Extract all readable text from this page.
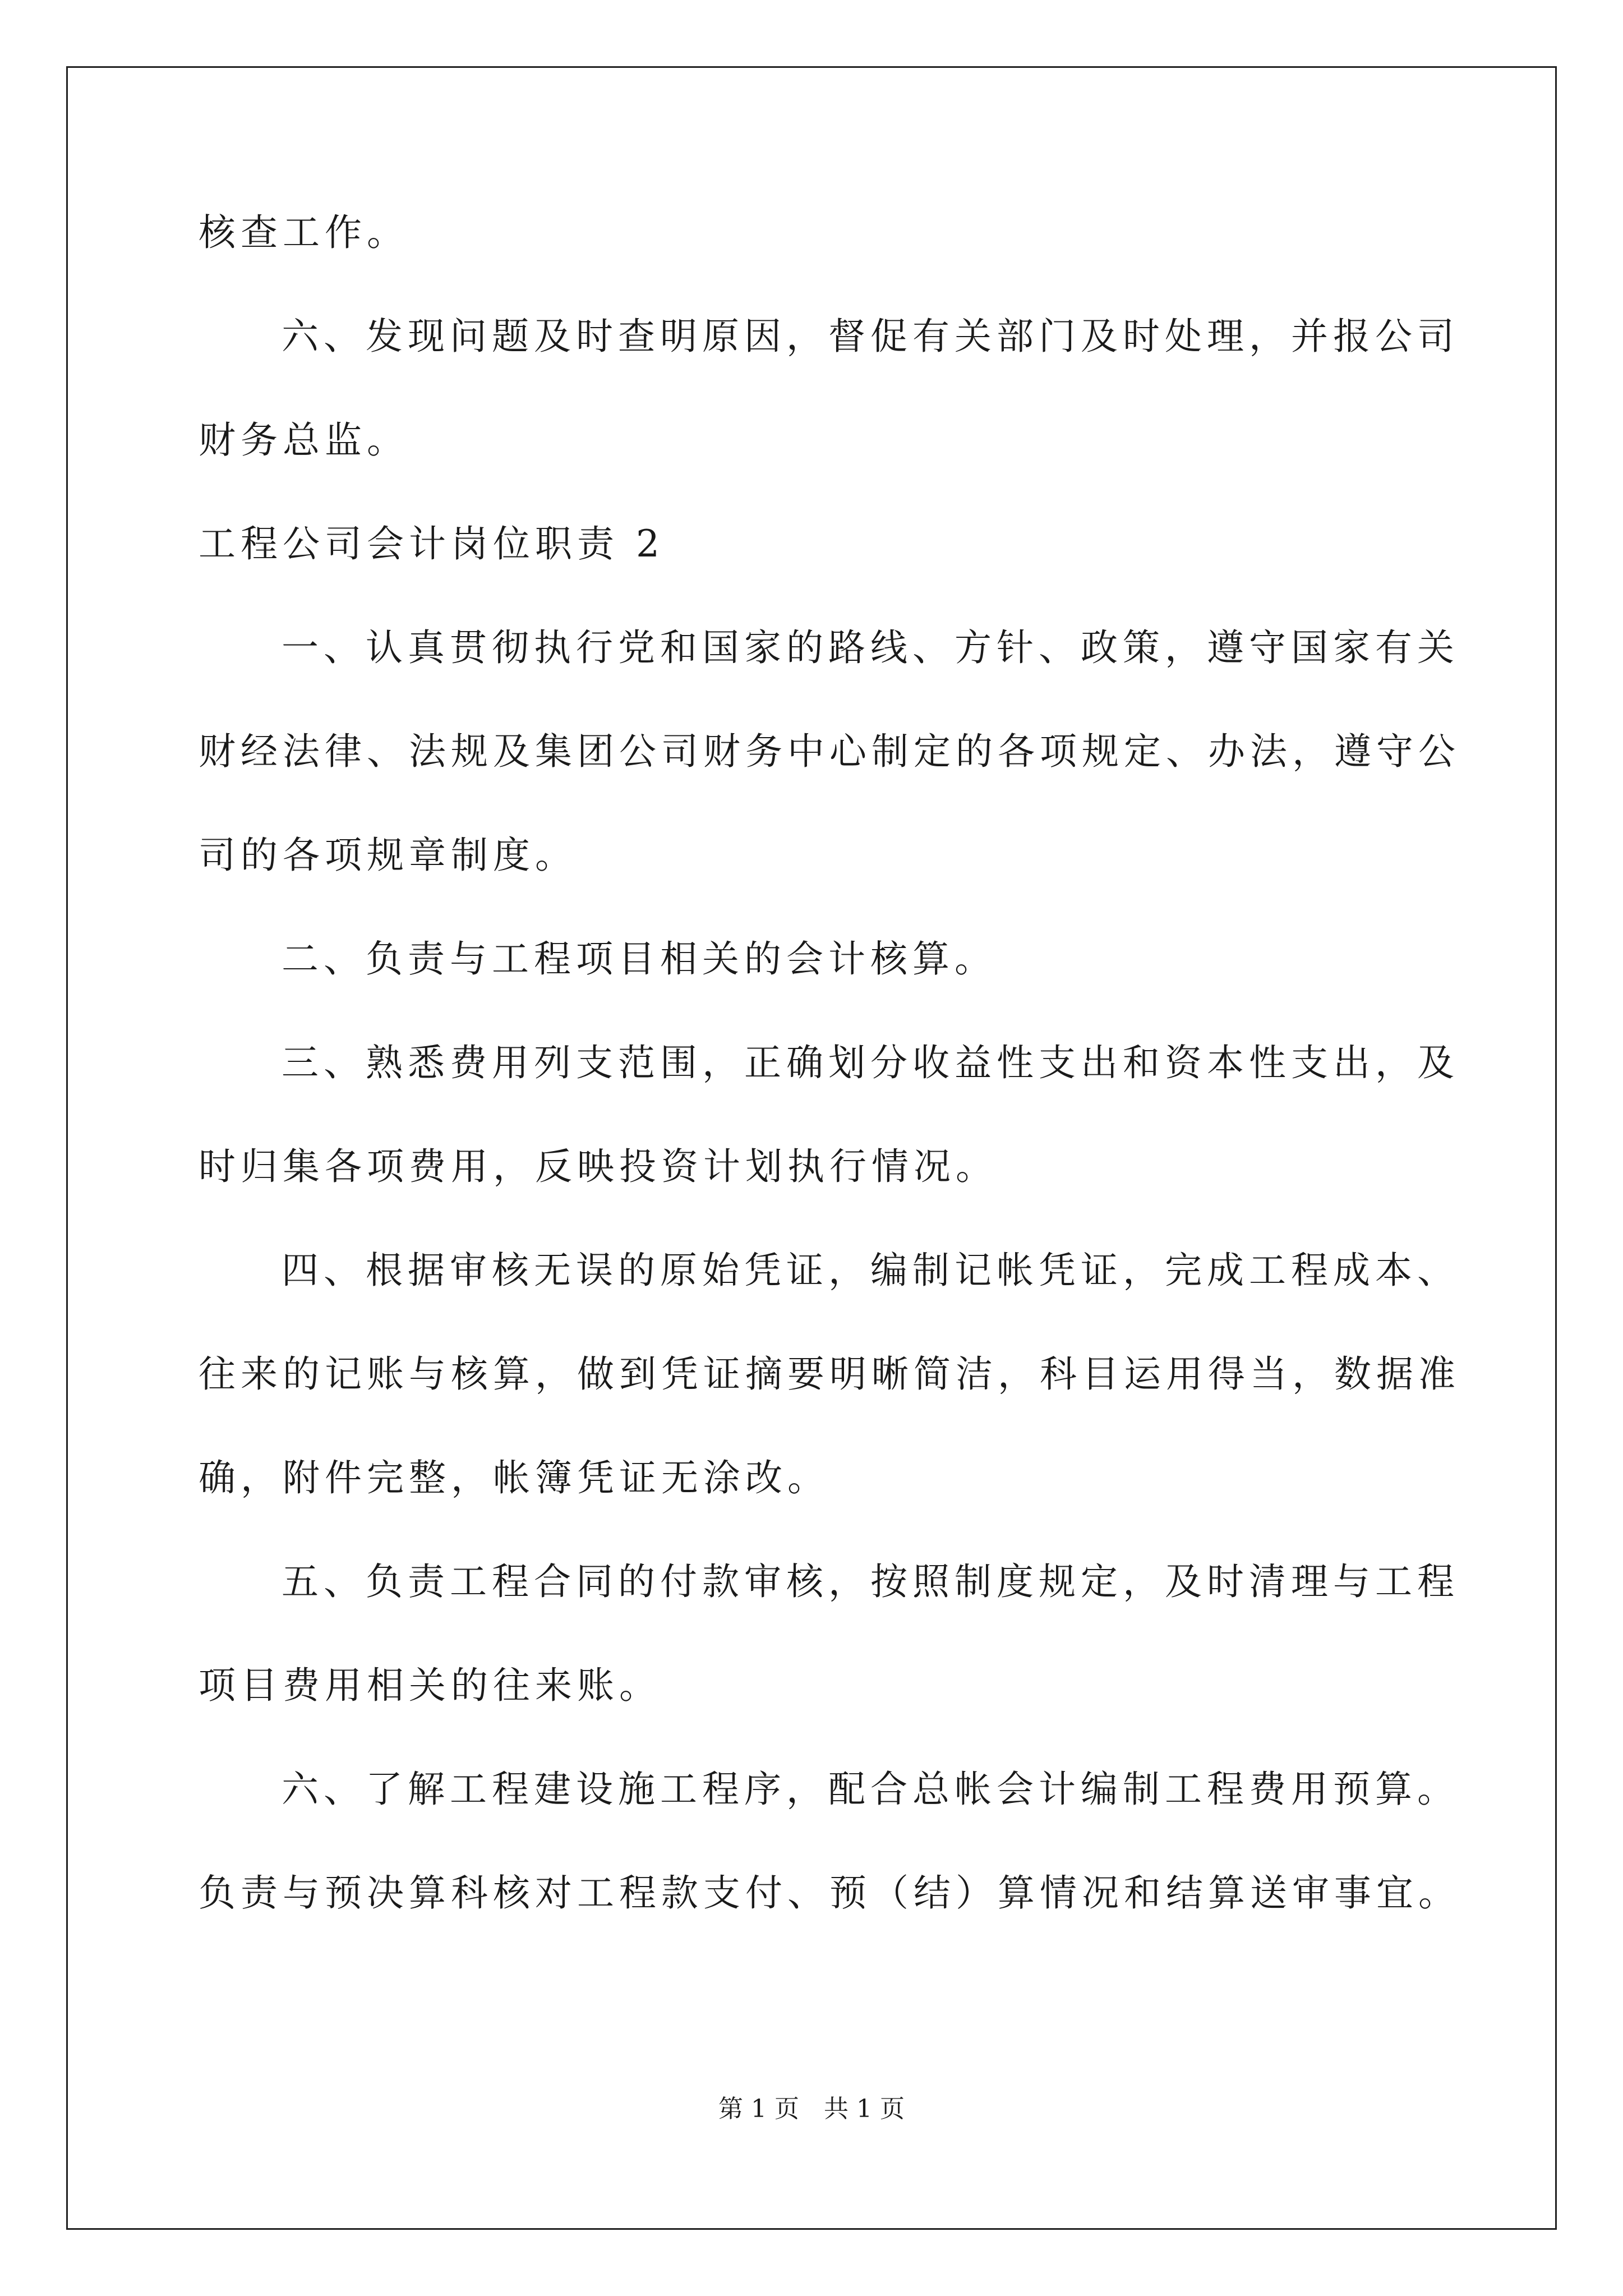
核查工作。
六、发现问题及时查明原因，督促有关部门及时处理，并报公司
财务总监。
工程公司会计岗位职责 2
一、认真贯彻执行党和国家的路线、方针、政策，遵守国家有关
财经法律、法规及集团公司财务中心制定的各项规定、办法，遵守公
司的各项规章制度。
二、负责与工程项目相关的会计核算。
三、熟悉费用列支范围，正确划分收益性支出和资本性支出，及
时归集各项费用，反映投资计划执行情况。
四、根据审核无误的原始凭证，编制记帐凭证，完成工程成本、
往来的记账与核算，做到凭证摘要明晰简洁，科目运用得当，数据准
确，附件完整，帐簿凭证无涂改。
五、负责工程合同的付款审核，按照制度规定，及时清理与工程
项目费用相关的往来账。
六、了解工程建设施工程序，配合总帐会计编制工程费用预算。
负责与预决算科核对工程款支付、预（结）算情况和结算送审事宜。
第 1 页　共 1 页
